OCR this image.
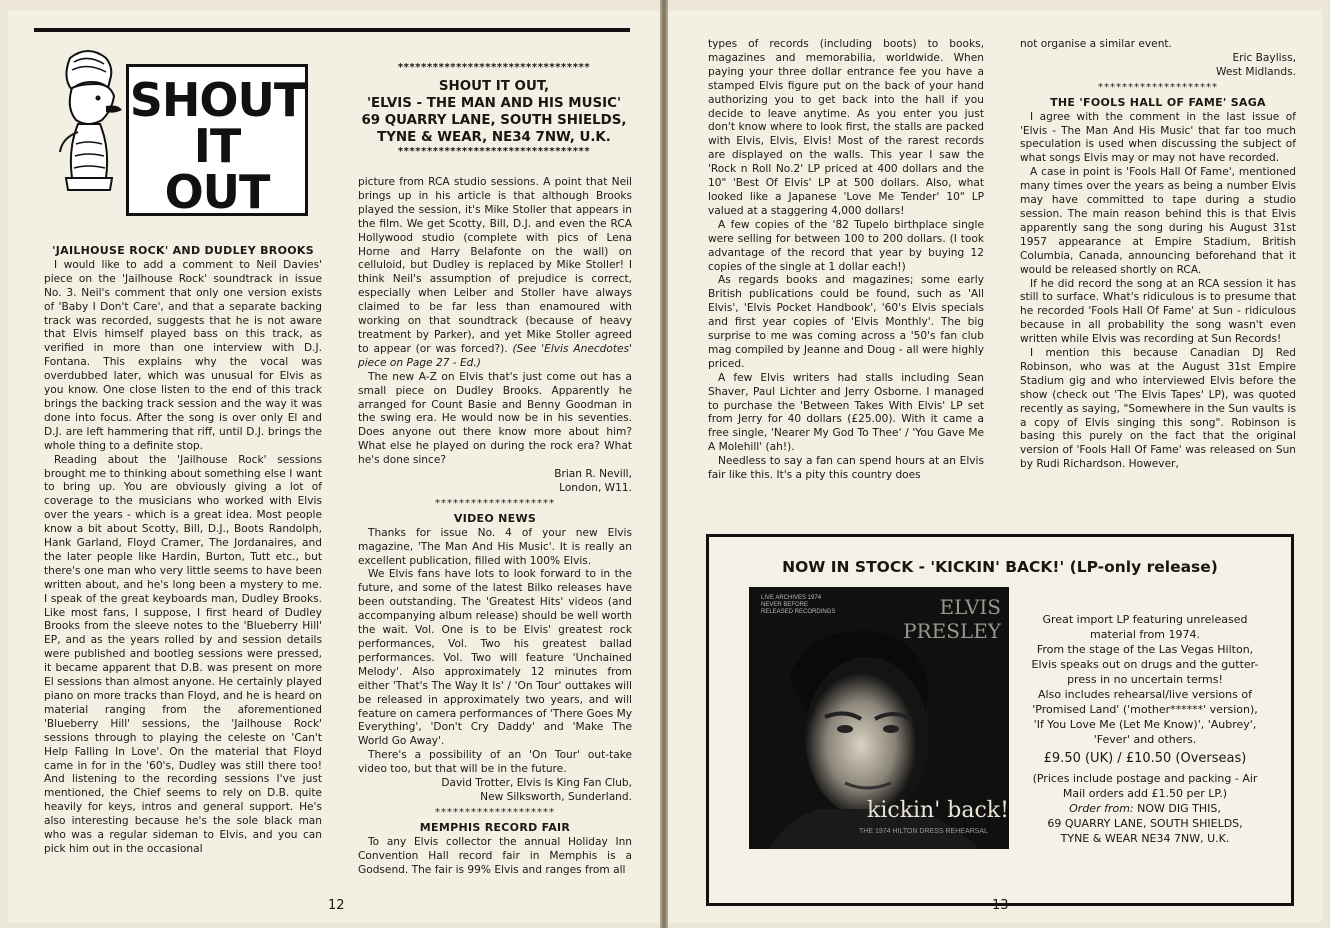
SHOUT
IT
OUT
*********************************
SHOUT IT OUT,
'ELVIS - THE MAN AND HIS MUSIC'
69 QUARRY LANE, SOUTH SHIELDS,
TYNE & WEAR, NE34 7NW, U.K.
*********************************
'JAILHOUSE ROCK' AND DUDLEY BROOKS

I would like to add a comment to Neil Davies' piece on the 'Jailhouse Rock' soundtrack in issue No. 3. Neil's comment that only one version exists of 'Baby I Don't Care', and that a separate backing track was recorded, suggests that he is not aware that Elvis himself played bass on this track, as verified in more than one interview with D.J. Fontana. This explains why the vocal was overdubbed later, which was unusual for Elvis as you know. One close listen to the end of this track brings the backing track session and the way it was done into focus. After the song is over only El and D.J. are left hammering that riff, until D.J. brings the whole thing to a definite stop.

Reading about the 'Jailhouse Rock' sessions brought me to thinking about something else I want to bring up. You are obviously giving a lot of coverage to the musicians who worked with Elvis over the years - which is a great idea. Most people know a bit about Scotty, Bill, D.J., Boots Randolph, Hank Garland, Floyd Cramer, The Jordanaires, and the later people like Hardin, Burton, Tutt etc., but there's one man who very little seems to have been written about, and he's long been a mystery to me. I speak of the great keyboards man, Dudley Brooks. Like most fans, I suppose, I first heard of Dudley Brooks from the sleeve notes to the 'Blueberry Hill' EP, and as the years rolled by and session details were published and bootleg sessions were pressed, it became apparent that D.B. was present on more El sessions than almost anyone. He certainly played piano on more tracks than Floyd, and he is heard on material ranging from the aforementioned 'Blueberry Hill' sessions, the 'Jailhouse Rock' sessions through to playing the celeste on 'Can't Help Falling In Love'. On the material that Floyd came in for in the '60's, Dudley was still there too! And listening to the recording sessions I've just mentioned, the Chief seems to rely on D.B. quite heavily for keys, intros and general support. He's also interesting because he's the sole black man who was a regular sideman to Elvis, and you can pick him out in the occasional

picture from RCA studio sessions. A point that Neil brings up in his article is that although Brooks played the session, it's Mike Stoller that appears in the film. We get Scotty, Bill, D.J. and even the RCA Hollywood studio (complete with pics of Lena Horne and Harry Belafonte on the wall) on celluloid, but Dudley is replaced by Mike Stoller! I think Neil's assumption of prejudice is correct, especially when Leiber and Stoller have always claimed to be far less than enamoured with working on that soundtrack (because of heavy treatment by Parker), and yet Mike Stoller agreed to appear (or was forced?). (See 'Elvis Anecdotes' piece on Page 27 - Ed.)

The new A-Z on Elvis that's just come out has a small piece on Dudley Brooks. Apparently he arranged for Count Basie and Benny Goodman in the swing era. He would now be in his seventies. Does anyone out there know more about him? What else he played on during the rock era? What he's done since?

Brian R. Nevill,

London, W11.

********************

VIDEO NEWS

Thanks for issue No. 4 of your new Elvis magazine, 'The Man And His Music'. It is really an excellent publication, filled with 100% Elvis.

We Elvis fans have lots to look forward to in the future, and some of the latest Bilko releases have been outstanding. The 'Greatest Hits' videos (and accompanying album release) should be well worth the wait. Vol. One is to be Elvis' greatest rock performances, Vol. Two his greatest ballad performances. Vol. Two will feature 'Unchained Melody'. Also approximately 12 minutes from either 'That's The Way It Is' / 'On Tour' outtakes will be released in approximately two years, and will feature on camera performances of 'There Goes My Everything', 'Don't Cry Daddy' and 'Make The World Go Away'.

There's a possibility of an 'On Tour' out-take video too, but that will be in the future.

David Trotter, Elvis Is King Fan Club,

New Silksworth, Sunderland.

********************

MEMPHIS RECORD FAIR

To any Elvis collector the annual Holiday Inn Convention Hall record fair in Memphis is a Godsend. The fair is 99% Elvis and ranges from all

12

types of records (including boots) to books, magazines and memorabilia, worldwide. When paying your three dollar entrance fee you have a stamped Elvis figure put on the back of your hand authorizing you to get back into the hall if you decide to leave anytime. As you enter you just don't know where to look first, the stalls are packed with Elvis, Elvis, Elvis! Most of the rarest records are displayed on the walls. This year I saw the 'Rock n Roll No.2' LP priced at 400 dollars and the 10" 'Best Of Elvis' LP at 500 dollars. Also, what looked like a Japanese 'Love Me Tender' 10" LP valued at a staggering 4,000 dollars!

A few copies of the '82 Tupelo birthplace single were selling for between 100 to 200 dollars. (I took advantage of the record that year by buying 12 copies of the single at 1 dollar each!)

As regards books and magazines; some early British publications could be found, such as 'All Elvis', 'Elvis Pocket Handbook', '60's Elvis specials and first year copies of 'Elvis Monthly'. The big surprise to me was coming across a '50's fan club mag compiled by Jeanne and Doug - all were highly priced.

A few Elvis writers had stalls including Sean Shaver, Paul Lichter and Jerry Osborne. I managed to purchase the 'Between Takes With Elvis' LP set from Jerry for 40 dollars (£25.00). With it came a free single, 'Nearer My God To Thee' / 'You Gave Me A Molehill' (ah!).

Needless to say a fan can spend hours at an Elvis fair like this. It's a pity this country does

not organise a similar event.

Eric Bayliss,

West Midlands.

********************

THE 'FOOLS HALL OF FAME' SAGA

I agree with the comment in the last issue of 'Elvis - The Man And His Music' that far too much speculation is used when discussing the subject of what songs Elvis may or may not have recorded.

A case in point is 'Fools Hall Of Fame', mentioned many times over the years as being a number Elvis may have committed to tape during a studio session. The main reason behind this is that Elvis apparently sang the song during his August 31st 1957 appearance at Empire Stadium, British Columbia, Canada, announcing beforehand that it would be released shortly on RCA.

If he did record the song at an RCA session it has still to surface. What's ridiculous is to presume that he recorded 'Fools Hall Of Fame' at Sun - ridiculous because in all probability the song wasn't even written while Elvis was recording at Sun Records!

I mention this because Canadian DJ Red Robinson, who was at the August 31st Empire Stadium gig and who interviewed Elvis before the show (check out 'The Elvis Tapes' LP), was quoted recently as saying, "Somewhere in the Sun vaults is a copy of Elvis singing this song". Robinson is basing this purely on the fact that the original version of 'Fools Hall Of Fame' was released on Sun by Rudi Richardson. However,

NOW IN STOCK - 'KICKIN' BACK!' (LP-only release)
LIVE ARCHIVES 1974
NEVER BEFORE
RELEASED RECORDINGS	ELVIS
PRESLEY
kickin' back!
THE 1974 HILTON DRESS REHEARSAL
Great import LP featuring unreleased material from 1974.
From the stage of the Las Vegas Hilton, Elvis speaks out on drugs and the gutter-press in no uncertain terms!
Also includes rehearsal/live versions of 'Promised Land' ('mother******' version), 'If You Love Me (Let Me Know)', 'Aubrey', 'Fever' and others.
£9.50 (UK) / £10.50 (Overseas)
(Prices include postage and packing - Air Mail orders add £1.50 per LP.)
Order from: NOW DIG THIS,
69 QUARRY LANE, SOUTH SHIELDS,
TYNE & WEAR NE34 7NW, U.K.
13
